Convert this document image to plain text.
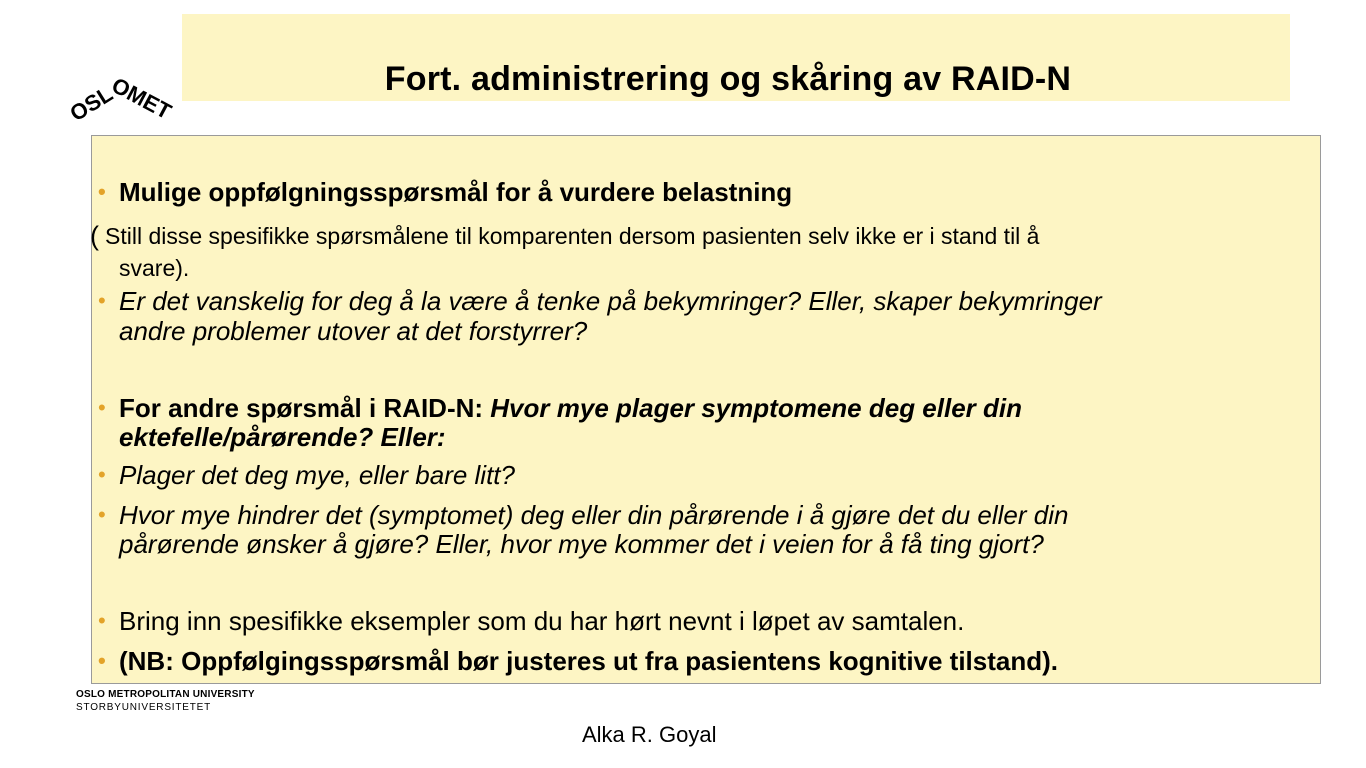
Fort. administrering og skåring av RAID-N
OSL
OMET
• Mulige oppfølgningsspørsmål for å vurdere belastning
( Still disse spesifikke spørsmålene til komparenten dersom pasienten selv ikke er i stand til å
svare).
• Er det vanskelig for deg å la være å tenke på bekymringer? Eller, skaper bekymringer
andre problemer utover at det forstyrrer?
• For andre spørsmål i RAID-N: Hvor mye plager symptomene deg eller din
ektefelle/pårørende? Eller:
• Plager det deg mye, eller bare litt?
• Hvor mye hindrer det (symptomet) deg eller din pårørende i å gjøre det du eller din
pårørende ønsker å gjøre? Eller, hvor mye kommer det i veien for å få ting gjort?
• Bring inn spesifikke eksempler som du har hørt nevnt i løpet av samtalen.
• (NB: Oppfølgingsspørsmål bør justeres ut fra pasientens kognitive tilstand).
OSLO METROPOLITAN UNIVERSITY
STORBYUNIVERSITETET
Alka R. Goyal
